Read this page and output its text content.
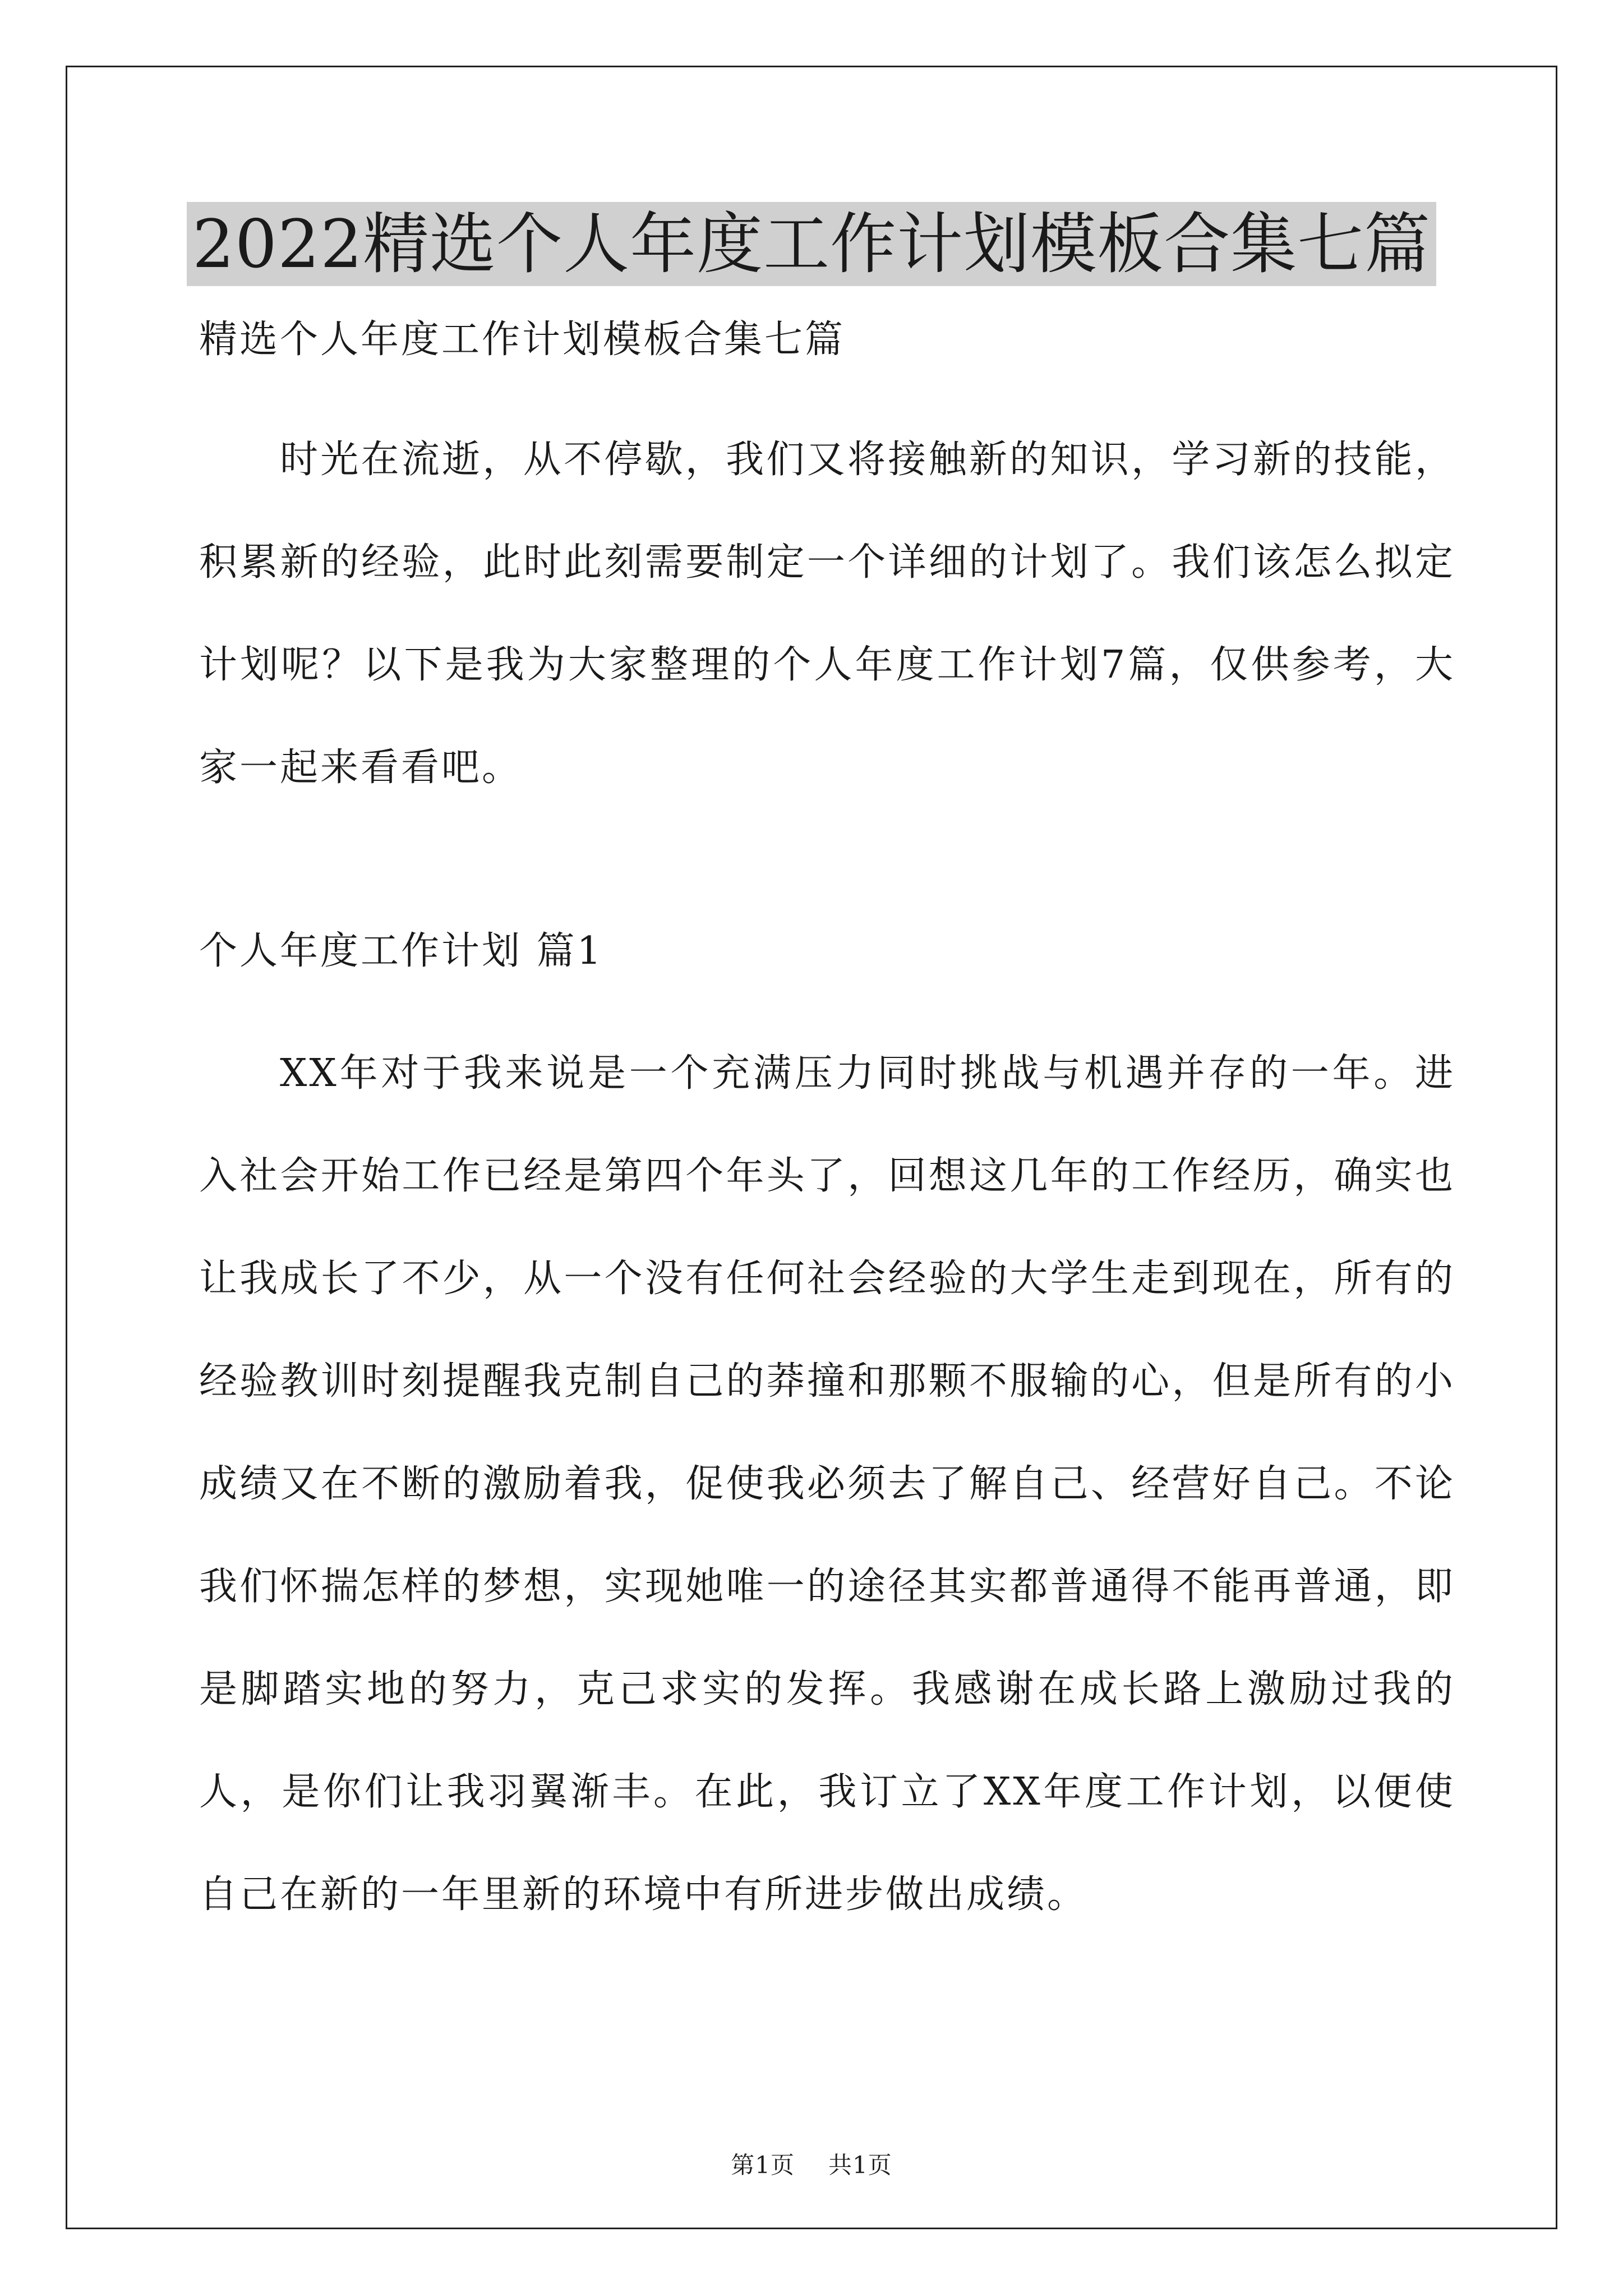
2022精选个人年度工作计划模板合集七篇

精选个人年度工作计划模板合集七篇

时光在流逝，从不停歇，我们又将接触新的知识，学习新的技能，积累新的经验，此时此刻需要制定一个详细的计划了。我们该怎么拟定计划呢？以下是我为大家整理的个人年度工作计划7篇，仅供参考，大家一起来看看吧。

个人年度工作计划 篇1

XX年对于我来说是一个充满压力同时挑战与机遇并存的一年。进入社会开始工作已经是第四个年头了，回想这几年的工作经历，确实也让我成长了不少，从一个没有任何社会经验的大学生走到现在，所有的经验教训时刻提醒我克制自己的莽撞和那颗不服输的心，但是所有的小成绩又在不断的激励着我，促使我必须去了解自己、经营好自己。不论我们怀揣怎样的梦想，实现她唯一的途径其实都普通得不能再普通，即是脚踏实地的努力，克己求实的发挥。我感谢在成长路上激励过我的人，是你们让我羽翼渐丰。在此，我订立了XX年度工作计划，以便使自己在新的一年里新的环境中有所进步做出成绩。

第1页 共1页
